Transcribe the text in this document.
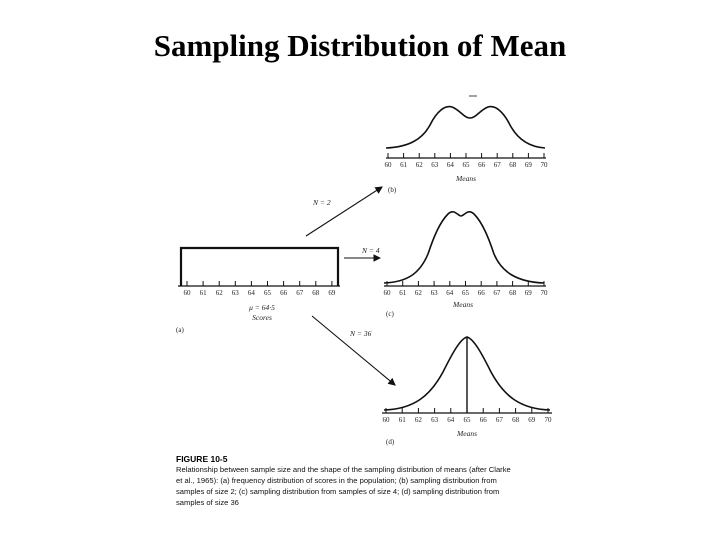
Sampling Distribution of Mean
60 61 62 63 64 65 66 67 68 69 70
Means
(b)
60 61 62 63 64 65 66 67 68 69 70
Means
(c)
60 61 62 63 64 65 66 67 68 69
μ = 64·5
Scores
(a)
60 61 62 63 64 65 66 67 68 69 70
Means
(d)
N = 2
N = 4
N = 36
FIGURE 10-5
Relationship between sample size and the shape of the sampling distribution of means (after Clarke
et al., 1965): (a) frequency distribution of scores in the population; (b) sampling distribution from
samples of size 2; (c) sampling distribution from samples of size 4; (d) sampling distribution from
samples of size 36
